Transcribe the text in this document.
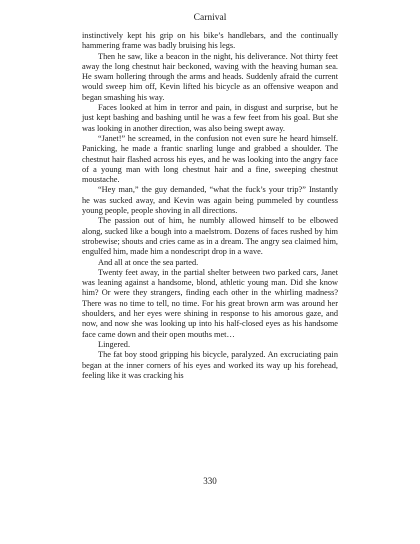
Carnival

instinctively kept his grip on his bike’s handlebars, and the continually hammering frame was badly bruising his legs.

Then he saw, like a beacon in the night, his deliverance. Not thirty feet away the long chestnut hair beckoned, waving with the heaving human sea. He swam hollering through the arms and heads. Suddenly afraid the current would sweep him off, Kevin lifted his bicycle as an offensive weapon and began smashing his way.

Faces looked at him in terror and pain, in disgust and surprise, but he just kept bashing and bashing until he was a few feet from his goal. But she was looking in another direction, was also being swept away.

“Janet!” he screamed, in the confusion not even sure he heard himself. Panicking, he made a frantic snarling lunge and grabbed a shoulder. The chestnut hair flashed across his eyes, and he was looking into the angry face of a young man with long chestnut hair and a fine, sweeping chestnut moustache.

“Hey man,” the guy demanded, “what the fuck’s your trip?” Instantly he was sucked away, and Kevin was again being pummeled by countless young people, people shoving in all directions.

The passion out of him, he numbly allowed himself to be elbowed along, sucked like a bough into a maelstrom. Dozens of faces rushed by him strobewise; shouts and cries came as in a dream. The angry sea claimed him, engulfed him, made him a nondescript drop in a wave.

And all at once the sea parted.

Twenty feet away, in the partial shelter between two parked cars, Janet was leaning against a handsome, blond, athletic young man. Did she know him? Or were they strangers, finding each other in the whirling madness? There was no time to tell, no time. For his great brown arm was around her shoulders, and her eyes were shining in response to his amorous gaze, and now, and now she was looking up into his half-closed eyes as his handsome face came down and their open mouths met…

Lingered.

The fat boy stood gripping his bicycle, paralyzed. An excruciating pain began at the inner corners of his eyes and worked its way up his forehead, feeling like it was cracking his

330
